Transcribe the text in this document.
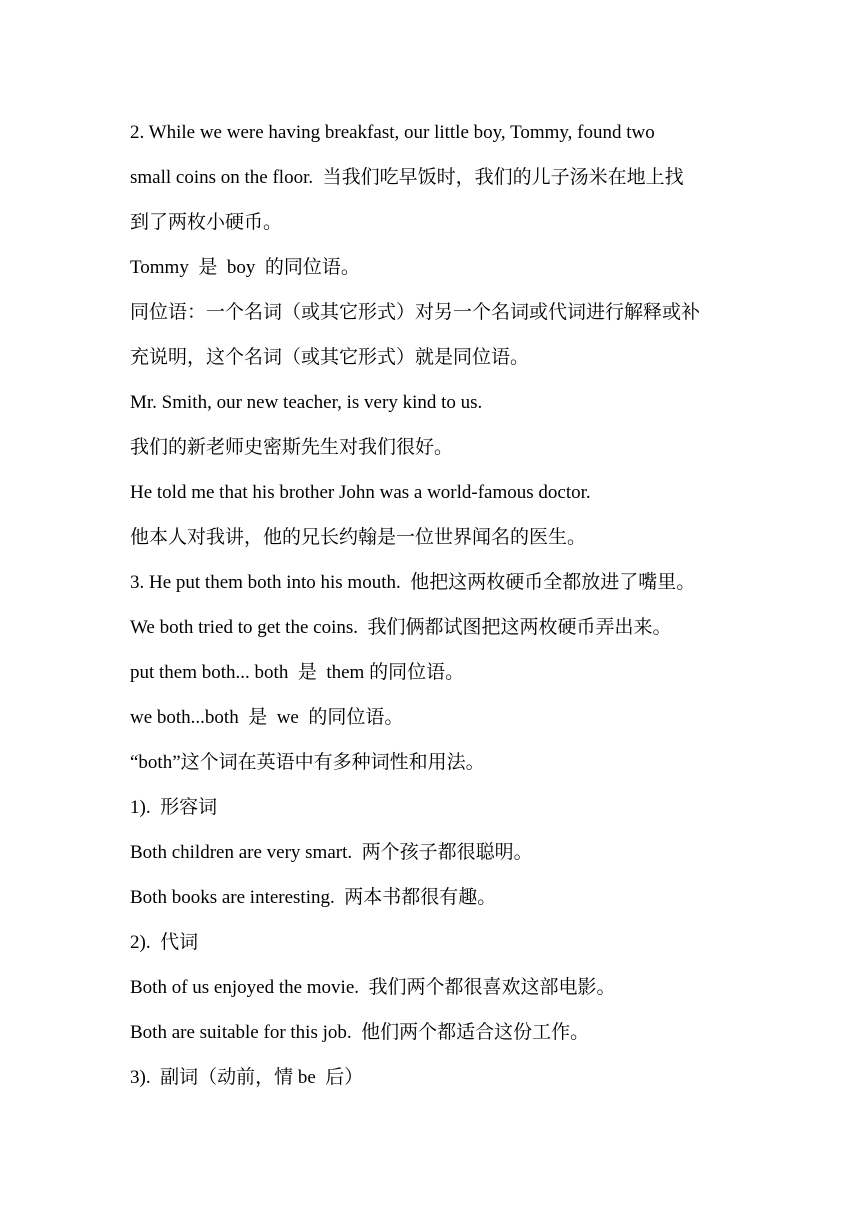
2. While we were having breakfast, our little boy, Tommy, found two
small coins on the floor.  当我们吃早饭时，我们的儿子汤米在地上找
到了两枚小硬币。
Tommy  是  boy  的同位语。
同位语：一个名词（或其它形式）对另一个名词或代词进行解释或补
充说明，这个名词（或其它形式）就是同位语。
Mr. Smith, our new teacher, is very kind to us.
我们的新老师史密斯先生对我们很好。
He told me that his brother John was a world-famous doctor.
他本人对我讲，他的兄长约翰是一位世界闻名的医生。
3. He put them both into his mouth.  他把这两枚硬币全都放进了嘴里。
We both tried to get the coins.  我们俩都试图把这两枚硬币弄出来。
put them both... both  是  them 的同位语。
we both...both  是  we  的同位语。
“both”这个词在英语中有多种词性和用法。
1).  形容词
Both children are very smart.  两个孩子都很聪明。
Both books are interesting.  两本书都很有趣。
2).  代词
Both of us enjoyed the movie.  我们两个都很喜欢这部电影。
Both are suitable for this job.  他们两个都适合这份工作。
3).  副词（动前，情 be  后）
